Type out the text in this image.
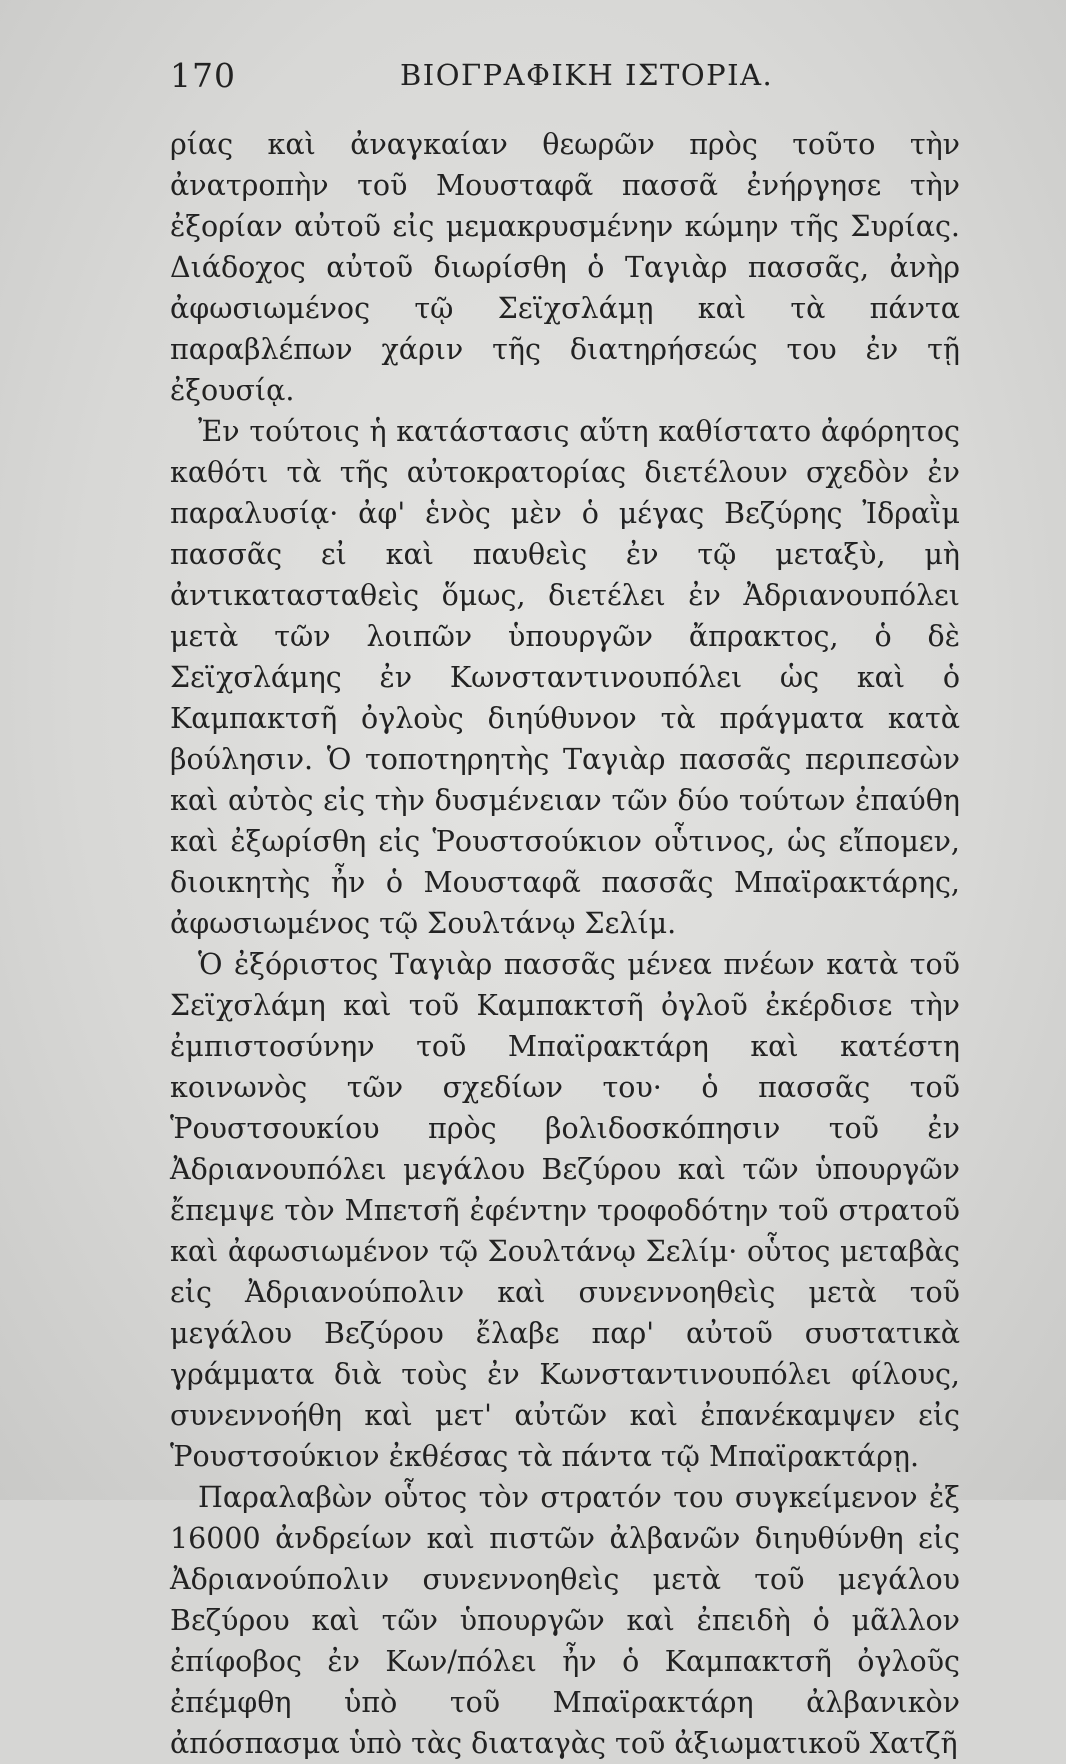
170	ΒΙΟΓΡΑΦΙΚΗ ΙΣΤΟΡΙΑ.

ρίας καὶ ἀναγκαίαν θεωρῶν πρὸς τοῦτο τὴν ἀνατροπὴν τοῦ Μουσταφᾶ πασσᾶ ἐνήργησε τὴν ἐξορίαν αὐτοῦ εἰς μεμακρυσμένην κώμην τῆς Συρίας. Διάδοχος αὐτοῦ διωρίσθη ὁ Ταγιὰρ πασσᾶς, ἀνὴρ ἀφωσιωμένος τῷ Σεϊχσλάμῃ καὶ τὰ πάντα παραβλέπων χάριν τῆς διατηρήσεώς του ἐν τῇ ἐξουσίᾳ.

Ἐν τούτοις ἡ κατάστασις αὕτη καθίστατο ἀφόρητος καθότι τὰ τῆς αὐτοκρατορίας διετέλουν σχεδὸν ἐν παραλυσίᾳ· ἀφ' ἑνὸς μὲν ὁ μέγας Βεζύρης Ἰδραῒμ πασσᾶς εἰ καὶ παυθεὶς ἐν τῷ μεταξὺ, μὴ ἀντικατασταθεὶς ὅμως, διετέλει ἐν Ἀδριανουπόλει μετὰ τῶν λοιπῶν ὑπουργῶν ἄπρακτος, ὁ δὲ Σεϊχσλάμης ἐν Κωνσταντινουπόλει ὡς καὶ ὁ Καμπακτσῆ ὀγλοὺς διηύθυνον τὰ πράγματα κατὰ βούλησιν. Ὁ τοποτηρητὴς Ταγιὰρ πασσᾶς περιπεσὼν καὶ αὐτὸς εἰς τὴν δυσμένειαν τῶν δύο τούτων ἐπαύθη καὶ ἐξωρίσθη εἰς Ῥουστσούκιον οὗτινος, ὡς εἴπομεν, διοικητὴς ἦν ὁ Μουσταφᾶ πασσᾶς Μπαϊρακτάρης, ἀφωσιωμένος τῷ Σουλτάνῳ Σελίμ.

Ὁ ἐξόριστος Ταγιὰρ πασσᾶς μένεα πνέων κατὰ τοῦ Σεϊχσλάμη καὶ τοῦ Καμπακτσῆ ὀγλοῦ ἐκέρδισε τὴν ἐμπιστοσύνην τοῦ Μπαϊρακτάρη καὶ κατέστη κοινωνὸς τῶν σχεδίων του· ὁ πασσᾶς τοῦ Ῥουστσουκίου πρὸς βολιδοσκόπησιν τοῦ ἐν Ἀδριανουπόλει μεγάλου Βεζύρου καὶ τῶν ὑπουργῶν ἔπεμψε τὸν Μπετσῆ ἐφέντην τροφοδότην τοῦ στρατοῦ καὶ ἀφωσιωμένον τῷ Σουλτάνῳ Σελίμ· οὗτος μεταβὰς εἰς Ἀδριανούπολιν καὶ συνεννοηθεὶς μετὰ τοῦ μεγάλου Βεζύρου ἔλαβε παρ' αὐτοῦ συστατικὰ γράμματα διὰ τοὺς ἐν Κωνσταντινουπόλει φίλους, συνεννοήθη καὶ μετ' αὐτῶν καὶ ἐπανέκαμψεν εἰς Ῥουστσούκιον ἐκθέσας τὰ πάντα τῷ Μπαϊρακτάρῃ.

Παραλαβὼν οὗτος τὸν στρατόν του συγκείμενον ἐξ 16000 ἀνδρείων καὶ πιστῶν ἀλβανῶν διηυθύνθη εἰς Ἀδριανούπολιν συνεννοηθεὶς μετὰ τοῦ μεγάλου Βεζύρου καὶ τῶν ὑπουργῶν καὶ ἐπειδὴ ὁ μᾶλλον ἐπίφοβος ἐν Κων/πόλει ἦν ὁ Καμπακτσῆ ὀγλοῦς ἐπέμφθη ὑπὸ τοῦ Μπαϊρακτάρη ἀλβανικὸν ἀπόσπασμα ὑπὸ τὰς διαταγὰς τοῦ ἀξιωματικοῦ Χατζῆ
